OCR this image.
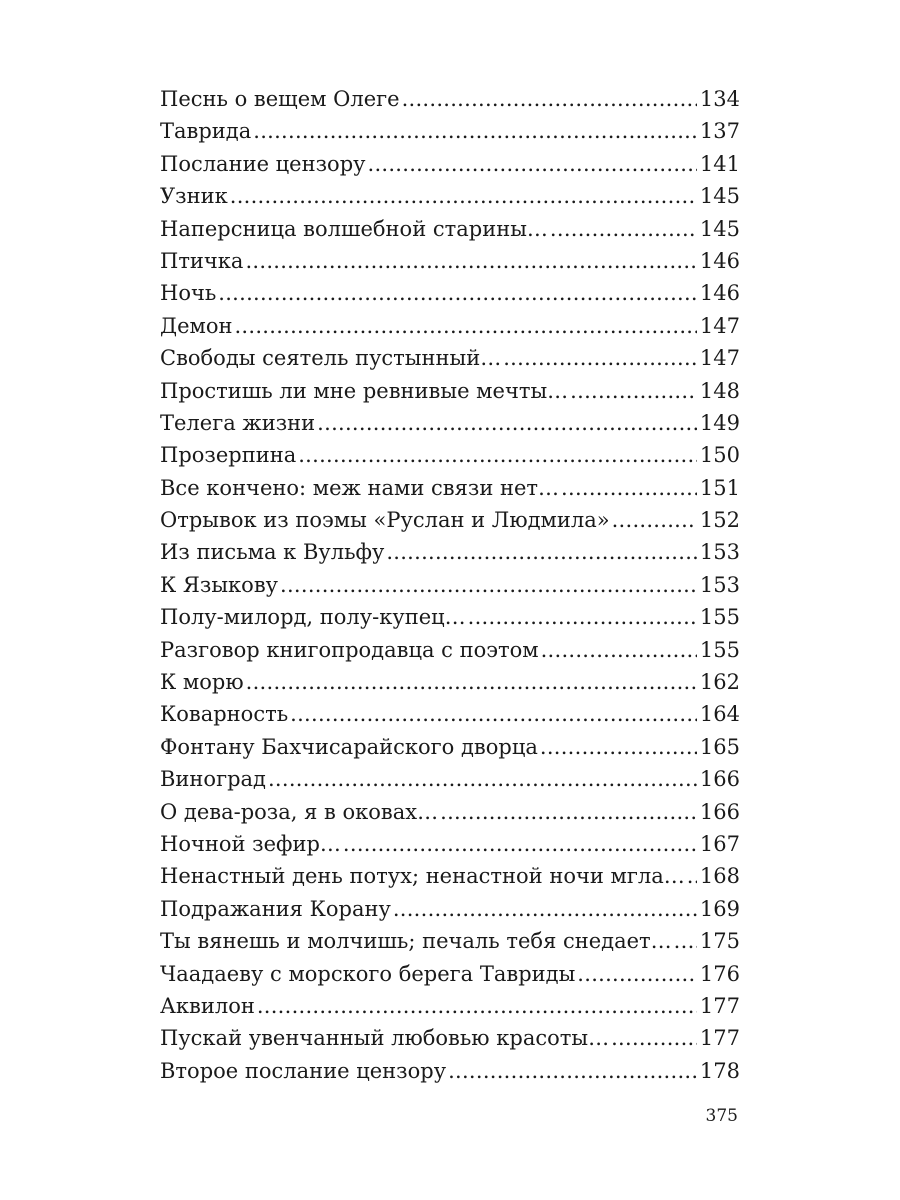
Песнь о вещем Олеге . . .	134
Таврида . . .	137
Послание цензору . . .	141
Узник . . .	145
Наперсница волшебной старины… . . .	145
Птичка . . .	146
Ночь . . .	146
Демон . . .	147
Свободы сеятель пустынный… . . .	147
Простишь ли мне ревнивые мечты… . . .	148
Телега жизни . . .	149
Прозерпина . . .	150
Все кончено: меж нами связи нет… . . .	151
Отрывок из поэмы «Руслан и Людмила» . . .	152
Из письма к Вульфу . . .	153
К Языкову . . .	153
Полу-милорд, полу-купец… . . .	155
Разговор книгопродавца с поэтом . . .	155
К морю . . .	162
Коварность . . .	164
Фонтану Бахчисарайского дворца . . .	165
Виноград . . .	166
О дева-роза, я в оковах… . . .	166
Ночной зефир… . . .	167
Ненастный день потух; ненастной ночи мгла… . . . 168
Подражания Корану . . .	169
Ты вянешь и молчишь; печаль тебя снедает… . . . 175
Чаадаеву с морского берега Тавриды . . .	176
Аквилон . . .	177
Пускай увенчанный любовью красоты… . . .	177
Второе послание цензору . . .	178
375
